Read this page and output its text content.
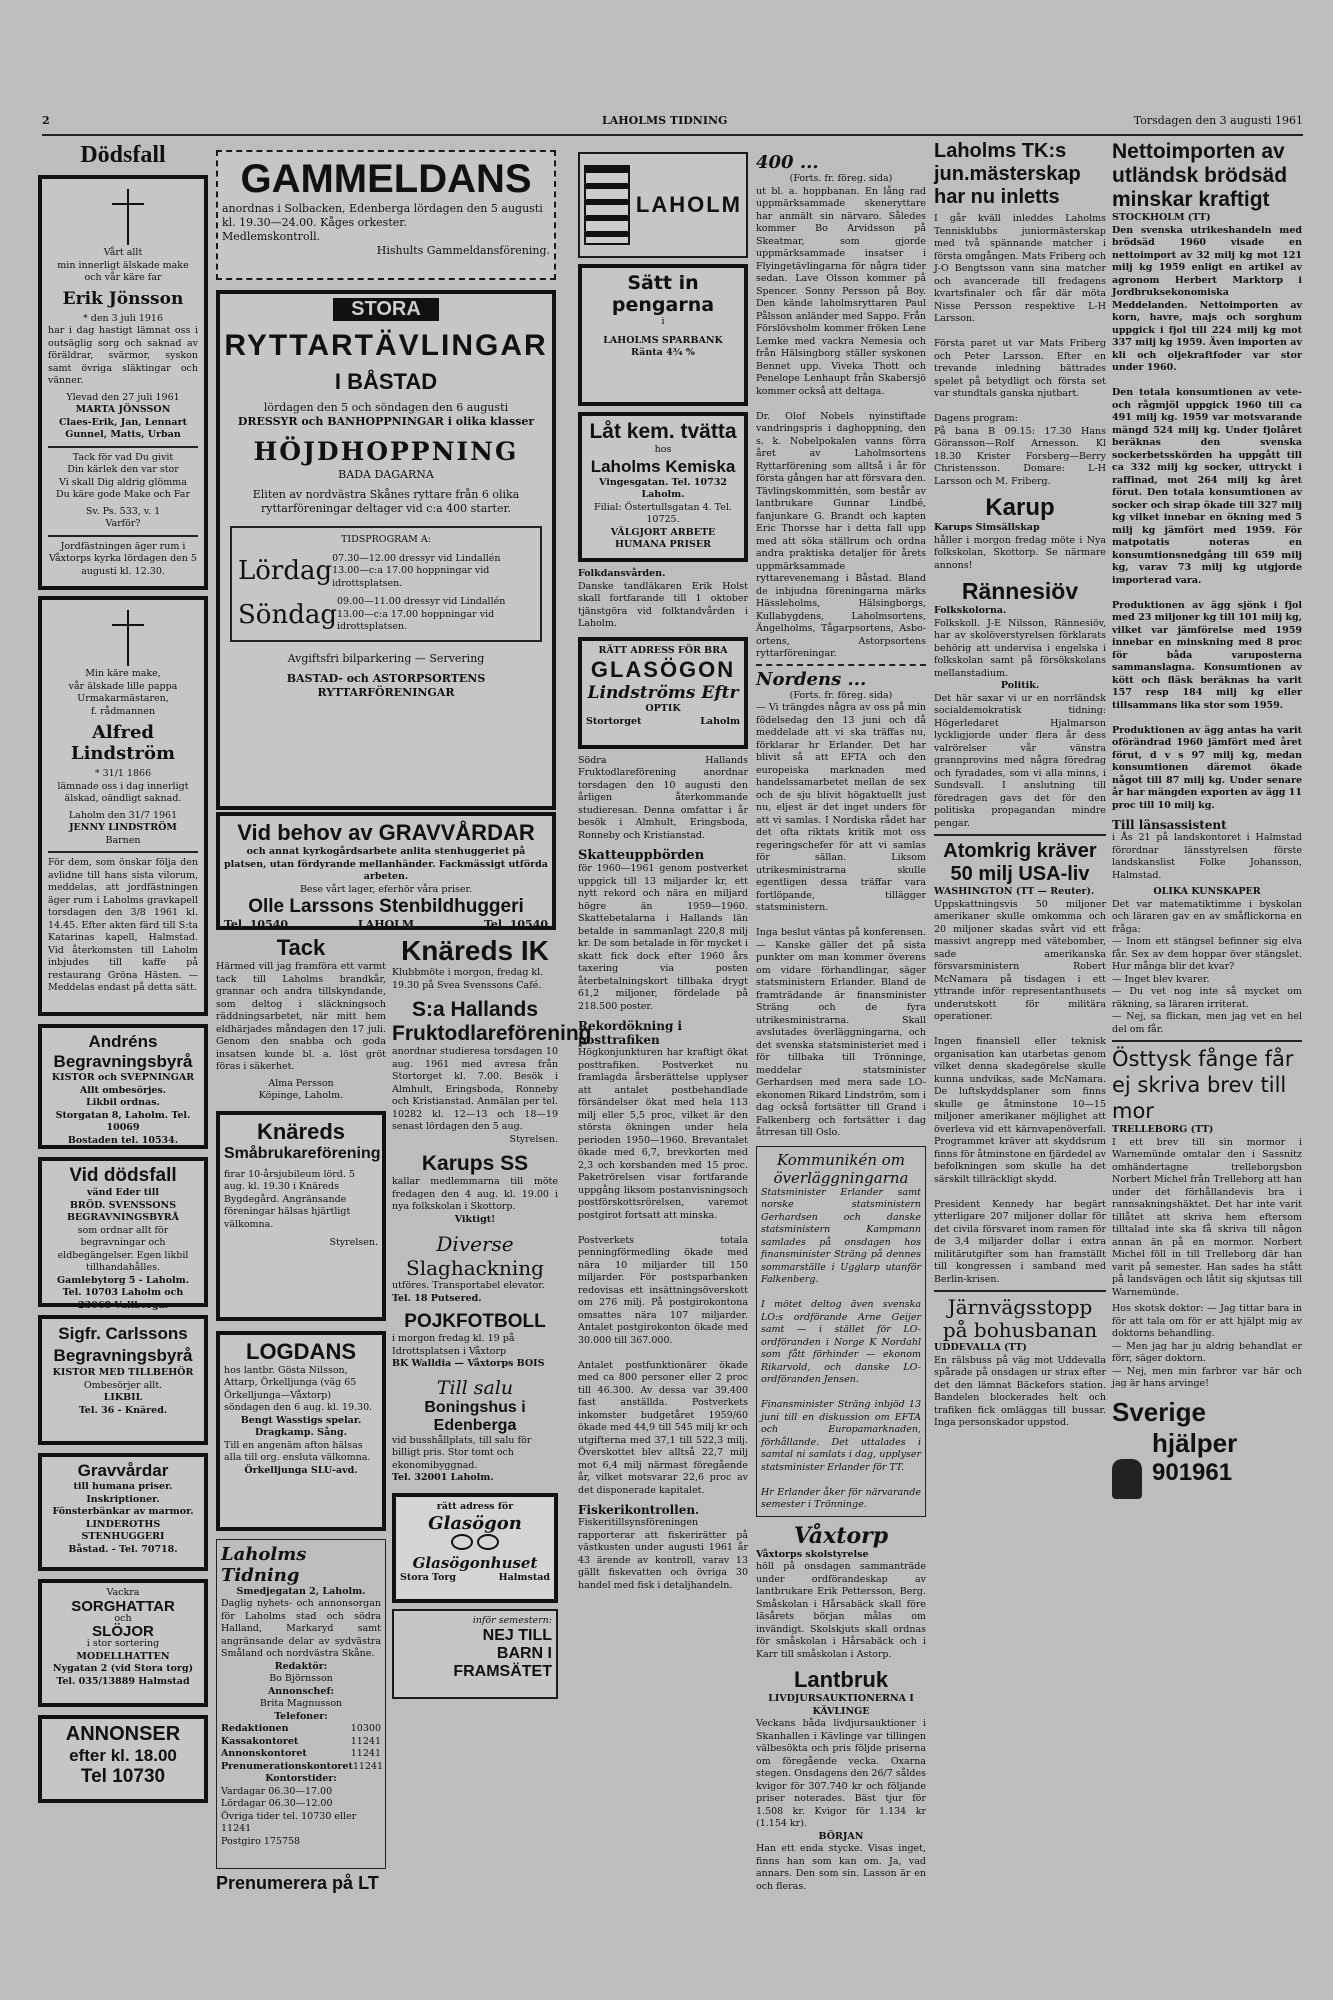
2	LAHOLMS TIDNING	Torsdagen den 3 augusti 1961
Dödsfall
Vårt allt
min innerligt älskade make
och vår käre far
Erik Jönsson
* den 3 juli 1916
har i dag hastigt lämnat oss i outsäglig sorg och saknad av föräldrar, svärmor, syskon samt övriga släktingar och vänner.
Ylevad den 27 juli 1961
MARTA JÖNSSON
Claes-Erik, Jan, Lennart
Gunnel, Matts, Urban
Tack för vad Du givit
Din kärlek den var stor
Vi skall Dig aldrig glömma
Du käre gode Make och Far
Sv. Ps. 533, v. 1
Varför?
Jordfästningen äger rum i Våxtorps kyrka lördagen den 5 augusti kl. 12.30.
Min käre make,
vår älskade lille pappa
Urmakarmästaren,
f. rådmannen
Alfred Lindström
* 31/1 1866
lämnade oss i dag innerligt älskad, oändligt saknad.
Laholm den 31/7 1961
JENNY LINDSTRÖM
Barnen
För dem, som önskar följa den avlidne till hans sista vilorum, meddelas, att jordfästningen äger rum i Laholms gravkapell torsdagen den 3/8 1961 kl. 14.45. Efter akten färd till S:ta Katarinas kapell, Halmstad. Vid återkomsten till Laholm inbjudes till kaffe på restaurang Gröna Hästen. — Meddelas endast på detta sätt.
Andréns Begravningsbyrå
KISTOR och SVEPNINGAR
Allt ombesörjes.
Likbil ordnas.
Storgatan 8, Laholm. Tel. 10069
Bostaden tel. 10534.
Vid dödsfall
vänd Eder till
BRÖD. SVENSSONS
BEGRAVNINGSBYRÅ
som ordnar allt för begravningar och eldbegängelser. Egen likbil tillhandahålles.
Gamlebytorg 5 - Laholm.
Tel. 10703 Laholm och
23068 Vallberga.
Sigfr. Carlssons Begravningsbyrå
KISTOR MED TILLBEHÖR
Ombesörjer allt.
LIKBIL
Tel. 36 - Knäred.
Gravvårdar
till humana priser.
Inskriptioner.
Fönsterbänkar av marmor.
LINDEROTHS STENHUGGERI
Båstad. - Tel. 70718.
Vackra
SORGHATTAR
och
SLÖJOR
i stor sortering
MODELLHATTEN
Nygatan 2 (vid Stora torg)
Tel. 035/13889 Halmstad
ANNONSER
efter kl. 18.00
Tel 10730
GAMMELDANS
anordnas i Solbacken, Edenberga lördagen den 5 augusti kl. 19.30—24.00. Kåges orkester.
Medlemskontroll.
Hishults Gammeldansförening.
STORA
RYTTARTÄVLINGAR
I BÅSTAD
lördagen den 5 och söndagen den 6 augusti
DRESSYR och BANHOPPNINGAR i olika klasser
HÖJDHOPPNING
BADA DAGARNA
Eliten av nordvästra Skånes ryttare från 6 olika ryttarföreningar deltager vid c:a 400 starter.
TIDSPROGRAM A:
Lördag 07.30—12.00 dressyr vid Lindallén
13.00—c:a 17.00 hoppningar vid idrottsplatsen.
Söndag 09.00—11.00 dressyr vid Lindallén
13.00—c:a 17.00 hoppningar vid idrottsplatsen.
Avgiftsfri bilparkering — Servering
BASTAD- och ASTORPSORTENS RYTTARFÖRENINGAR
Vid behov av GRAVVÅRDAR
och annat kyrkogårdsarbete anlita stenhuggeriet på platsen, utan fördyrande mellanhänder. Fackmässigt utförda arbeten.
Bese vårt lager, eferhör våra priser.
Olle Larssons Stenbildhuggeri
Tel. 10540	LAHOLM	Tel. 10540
Tack
Härmed vill jag framföra ett varmt tack till Laholms brandkår, grannar och andra tillskyndande, som deltog i släckningsoch räddningsarbetet, när mitt hem eldhärjades måndagen den 17 juli. Genom den snabba och goda insatsen kunde bl. a. löst gröt föras i säkerhet.
Alma Persson
Köpinge, Laholm.
Knäreds
Småbrukareförening
firar 10-årsjubileum lörd. 5 aug. kl. 19.30 i Knäreds Bygdegård. Angränsande föreningar hälsas hjärtligt välkomna.
Styrelsen.
LOGDANS
hos lantbr. Gösta Nilsson, Attarp, Örkelljunga (väg 65 Örkelljunga—Våxtorp) söndagen den 6 aug. kl. 19.30.
Bengt Wasstigs spelar.
Dragkamp. Sång.
Till en angenäm afton hälsas alla till org. ensluta välkomna.
Örkelljunga SLU-avd.
Laholms Tidning
Smedjegatan 2, Laholm.
Daglig nyhets- och annonsorgan för Laholms stad och södra Halland, Markaryd samt angränsande delar av sydvästra Småland och nordvästra Skåne.
Redaktör:
Bo Björnsson
Annonschef:
Brita Magnusson
Telefoner:
Redaktionen	10300
Kassakontoret	11241
Annonskontoret	11241
Prenumerationskontoret 11241
Kontorstider:
Vardagar 06.30—17.00
Lördagar 06.30—12.00
Övriga tider tel. 10730 eller 11241
Postgiro 175758
Prenumerera på LT
Knäreds IK
Klubbmöte i morgon, fredag kl. 19.30 på Svea Svenssons Café.
S:a Hallands Fruktodlareförening
anordnar studieresa torsdagen 10 aug. 1961 med avresa från Stortorget kl. 7.00. Besök i Almhult, Eringsboda, Ronneby och Kristianstad. Anmälan per tel. 10282 kl. 12—13 och 18—19 senast lördagen den 5 aug.
Styrelsen.
Karups SS
kallar medlemmarna till möte fredagen den 4 aug. kl. 19.00 i nya folkskolan i Skottorp.
Viktigt!
Diverse
Slaghackning
utföres. Transportabel elevator.
Tel. 18 Putsered.
POJKFOTBOLL
i morgon fredag kl. 19 på Idrottsplatsen i Våxtorp
BK Walldia — Våxtorps BOIS
Till salu
Boningshus i Edenberga
vid busshållplats, till salu för billigt pris. Stor tomt och ekonomibyggnad.
Tel. 32001 Laholm.
rätt adress för
Glasögon
Glasögonhuset
Stora Torg	Halmstad
inför semestern:
NEJ TILL
BARN I
FRAMSÄTET
LAHOLM
Sätt in
pengarna
i
LAHOLMS SPARBANK
Ränta 4¾ %
Låt kem. tvätta
hos
Laholms Kemiska
Vingesgatan. Tel. 10732 Laholm.
Filial: Östertullsgatan 4. Tel. 10725.
VÄLGJORT ARBETE HUMANA PRISER
Folkdansvården.
Danske tandläkaren Erik Holst skall fortfarande till 1 oktober tjänstgöra vid folktandvården i Laholm.
RÄTT ADRESS FÖR BRA
GLASÖGON
Lindströms Eftr
OPTIK
Stortorget	Laholm
Södra Hallands Fruktodlareförening anordnar torsdagen den 10 augusti den årligen återkommande studieresan. Denna omfattar i år besök i Almhult, Eringsboda, Ronneby och Kristianstad.
Skatteuppbörden
för 1960—1961 genom postverket uppgick till 13 miljarder kr, ett nytt rekord och nära en miljard högre än 1959—1960. Skattebetalarna i Hallands län betalde in sammanlagt 220,8 milj kr. De som betalade in för mycket i skatt fick dock efter 1960 års taxering via posten återbetalningskort tillbaka drygt 61,2 miljoner, fördelade på 218.500 poster.
Rekordökning i posttrafiken
Högkonjunkturen har kraftigt ökat posttrafiken. Postverket nu framlagda årsberättelse upplyser att antalet postbehandlade försändelser ökat med hela 113 milj eller 5,5 proc, vilket är den största ökningen under hela perioden 1950—1960. Brevantalet ökade med 6,7, brevkorten med 2,3 och korsbanden med 15 proc. Paketrörelsen visar fortfarande uppgång liksom postanvisningsoch postförskottsrörelsen, varemot postgirot fortsatt att minska.

Postverkets totala penningförmedling ökade med nära 10 miljarder till 150 miljarder. För postsparbanken redovisas ett insättningsöverskott om 276 milj. På postgirokontona omsattes nära 107 miljarder. Antalet postgirokonton ökade med 30.000 till 367.000.

Antalet postfunktionärer ökade med ca 800 personer eller 2 proc till 46.300. Av dessa var 39.400 fast anställda. Postverkets inkomster budgetåret 1959/60 ökade med 44,9 till 545 milj kr och utgifterna med 37,1 till 522,3 milj. Överskottet blev alltså 22,7 milj mot 6,4 milj närmast föregående år, vilket motsvarar 22,6 proc av det disponerade kapitalet.
Fiskerikontrollen.
Fiskeritillsynsföreningen rapporterar att fiskerirätter på västkusten under augusti 1961 år 43 ärende av kontroll, varav 13 gällt fiskevatten och övriga 30 handel med fisk i detaljhandeln.
400 ...
(Forts. fr. föreg. sida)
ut bl. a. hoppbanan. En lång rad uppmärksammade skeneryttare har anmält sin närvaro. Således kommer Bo Arvidsson på Skeatmar, som gjorde uppmärksammade insatser i Flyingetävlingarna för några tider sedan. Lave Olsson kommer på Spencer. Sonny Persson på Boy. Den kände laholmsryttaren Paul Pålsson anländer med Sappo. Från Förslövsholm kommer fröken Lene Lemke med vackra Nemesia och från Hälsingborg ställer syskonen Bennet upp. Viveka Thott och Penelope Lenhaupt från Skabersjö kommer också att deltaga.

Dr. Olof Nobels nyinstiftade vandringspris i daghoppning, den s. k. Nobelpokalen vanns förra året av Laholmsortens Ryttarförening som alltså i år för första gången har att försvara den. Tävlingskommittén, som består av lantbrukare Gunnar Lindbé, fanjunkare G. Brandt och kapten Eric Thorsse har i detta fall upp med att söka ställrum och ordna andra praktiska detaljer för årets uppmärksammade ryttarevenemang i Båstad. Bland de inbjudna föreningarna märks Hässleholms, Hälsingborgs, Kullabygdens, Laholmsortens, Ängelholms, Tågarpsortens, Asbo-ortens, Astorpsortens ryttarföreningar.
Nordens ...
(Forts. fr. föreg. sida)
— Vi trängdes några av oss på min födelsedag den 13 juni och då meddelade att vi ska träffas nu, förklarar hr Erlander. Det har blivit så att EFTA och den europeiska marknaden med handelssamarbetet mellan de sex och de sju blivit högaktuellt just nu, eljest är det inget unders för att vi samlas. I Nordiska rådet har det ofta riktats kritik mot oss regeringschefer för att vi samlas för sällan. Liksom utrikesministrarna skulle egentligen dessa träffar vara fortlöpande, tillägger statsministern.

Inga beslut väntas på konferensen. — Kanske gäller det på sista punkter om man kommer överens om vidare förhandlingar, säger statsministern Erlander. Bland de framträdande är finansminister Sträng och de fyra utrikesministrarna. Skall avslutades överläggningarna, och det svenska statsministeriet med i för tillbaka till Trönninge, meddelar statsminister Gerhardsen med mera sade LO-ekonomen Rikard Lindström, som i dag också fortsätter till Grand i Falkenberg och fortsätter i dag åtrresan till Oslo.
Kommunikén om överläggningarna
Statsminister Erlander samt norske statsministern Gerhardsen och danske statsministern Kampmann samlades på onsdagen hos finansminister Sträng på dennes sommarställe i Ugglarp utanför Falkenberg.

I mötet deltog även svenska LO:s ordförande Arne Geijer samt — i stället för LO-ordföranden i Norge K Nordahl som fått förhinder — ekonom Rikarvold, och danske LO-ordföranden Jensen.

Finansminister Sträng inbjöd 13 juni till en diskussion om EFTA och Europamarknaden, förhållande. Det uttalades i samtal ni samlats i dag, upplyser statsminister Erlander för TT.

Hr Erlander åker för närvarande semester i Trönninge.
Våxtorp
Våxtorps skolstyrelse
höll på onsdagen sammanträde under ordförandeskap av lantbrukare Erik Pettersson, Berg. Småskolan i Hårsabäck skall före läsårets början målas om invändigt. Skolskjuts skall ordnas för småskolan i Hårsabäck och i Karr till småskolan i Astorp.
Lantbruk
LIVDJURSAUKTIONERNA I KÄVLINGE
Veckans båda livdjursauktioner i Skanhallen i Kävlinge var tillingen välbesökta och pris följde priserna om föregående vecka. Oxarna stegen. Onsdagens den 26/7 såldes kvigor för 307.740 kr och följande priser noterades. Bäst tjur för 1.508 kr. Kvigor för 1.134 kr (1.154 kr).
BÖRJAN
Han ett enda stycke. Visas inget, finns han som kan om. Ja, vad annars. Den som sin. Lasson är en och fleras.
Laholms TK:s jun.mästerskap har nu inletts
I går kväll inleddes Laholms Tennisklubbs juniormästerskap med två spännande matcher i första omgången. Mats Friberg och J-O Bengtsson vann sina matcher och avancerade till fredagens kvartsfinaler och får där möta Nisse Persson respektive L-H Larsson.

Första paret ut var Mats Friberg och Peter Larsson. Efter en trevande inledning bättrades spelet på betydligt och första set var stundtals ganska njutbart.

Dagens program:
På bana B 09.15: 17.30 Hans Göransson—Rolf Arnesson. Kl 18.30 Krister Forsberg—Berry Christensson. Domare: L-H Larsson och M. Friberg.
Karup
Karups Simsällskap
håller i morgon fredag möte i Nya folkskolan, Skottorp. Se närmare annons!
Rännesiöv
Folkskolorna.
Folkskoll. J-E Nilsson, Rännesiöv, har av skolöverstyrelsen förklarats behörig att undervisa i engelska i folkskolan samt på försökskolans mellanstadium.
Politik.
Det här saxar vi ur en norrländsk socialdemokratisk tidning: Högerledaret Hjalmarson lyckligjorde under flera år dess valrörelser vår vänstra grannprovins med några föredrag och fyradades, som vi alla minns, i Sundsvall. I anslutning till föredragen gavs det för den politiska propagandan mindre pengar.
Atomkrig kräver 50 milj USA-liv
WASHINGTON (TT — Reuter).
Uppskattningsvis 50 miljoner amerikaner skulle omkomma och 20 miljoner skadas svårt vid ett massivt angrepp med vätebomber, sade amerikanska försvarsministern Robert McNamara på tisdagen i ett yttrande inför representanthusets underutskott för militära operationer.

Ingen finansiell eller teknisk organisation kan utarbetas genom vilket denna skadegörelse skulle kunna undvikas, sade McNamara. De luftskyddsplaner som finns skulle ge åtminstone 10—15 miljoner amerikaner möjlighet att överleva vid ett kärnvapenöverfall. Programmet kräver att skyddsrum finns för åtminstone en fjärdedel av befolkningen som skulle ha det särskilt tillräckligt skydd.

President Kennedy har begärt ytterligare 207 miljoner dollar för det civila försvaret inom ramen för de 3,4 miljarder dollar i extra militärutgifter som han framställt till kongressen i samband med Berlin-krisen.
Järnvägsstopp på bohusbanan
UDDEVALLA (TT)
En rälsbuss på väg mot Uddevalla spårade på onsdagen ur strax efter det den lämnat Bäckefors station. Bandelen blockerades helt och trafiken fick omläggas till bussar. Inga personskador uppstod.
Nettoimporten av utländsk brödsäd minskar kraftigt
STOCKHOLM (TT)
Den svenska utrikeshandeln med brödsäd 1960 visade en nettoimport av 32 milj kg mot 121 milj kg 1959 enligt en artikel av agronom Herbert Marktorp i Jordbruksekonomiska Meddelanden. Nettoimporten av korn, havre, majs och sorghum uppgick i fjol till 224 milj kg mot 337 milj kg 1959. Även importen av kli och oljekraftfoder var stor under 1960.

Den totala konsumtionen av vete- och rågmjöl uppgick 1960 till ca 491 milj kg. 1959 var motsvarande mängd 524 milj kg. Under fjolåret beräknas den svenska sockerbetsskörden ha uppgått till ca 332 milj kg socker, uttryckt i raffinad, mot 264 milj kg året förut. Den totala konsumtionen av socker och sirap ökade till 327 milj kg vilket innebar en ökning med 5 milj kg jämfört med 1959. För matpotatis noteras en konsumtionsnedgång till 659 milj kg, varav 73 milj kg utgjorde importerad vara.

Produktionen av ägg sjönk i fjol med 23 miljoner kg till 101 milj kg, vilket var jämförelse med 1959 innebar en minskning med 8 proc för båda varuposterna sammanslagna. Konsumtionen av kött och fläsk beräknas ha varit 157 resp 184 milj kg eller tillsammans lika stor som 1959.

Produktionen av ägg antas ha varit oförändrad 1960 jämfört med året förut, d v s 97 milj kg, medan konsumtionen däremot ökade något till 87 milj kg. Under senare år har mängden exporten av ägg 11 proc till 10 milj kg.
Till länsassistent
i Ås 21 på landskontoret i Halmstad förordnar länsstyrelsen förste landskanslist Folke Johansson, Halmstad.
OLIKA KUNSKAPER
Det var matematiktimme i byskolan och läraren gav en av småflickorna en fråga:
— Inom ett stängsel befinner sig elva får. Sex av dem hoppar över stängslet. Hur många blir det kvar?
— Inget blev kvarer.
— Du vet nog inte så mycket om räkning, sa läraren irriterat.
— Nej, sa flickan, men jag vet en hel del om får.
Östtysk fånge får ej skriva brev till mor
TRELLEBORG (TT)
I ett brev till sin mormor i Warnemünde omtalar den i Sassnitz omhändertagne trelleborgsbon Norbert Michel från Trelleborg att han under det förhållandevis bra i rannsakningshäktet. Det har inte varit tillåtet att skriva hem eftersom tilltalad inte ska få skriva till någon annan än på en mormor. Norbert Michel föll in till Trelleborg där han varit på semester. Han sades ha stått på landsvägen och låtit sig skjutsas till Warnemünde.
Hos skotsk doktor: — Jag tittar bara in för att tala om för er att hjälpt mig av doktorns behandling.
— Men jag har ju aldrig behandlat er förr, säger doktorn.
— Nej, men min farbror var här och jag är hans arvinge!
Sverige
hjälper
901961
